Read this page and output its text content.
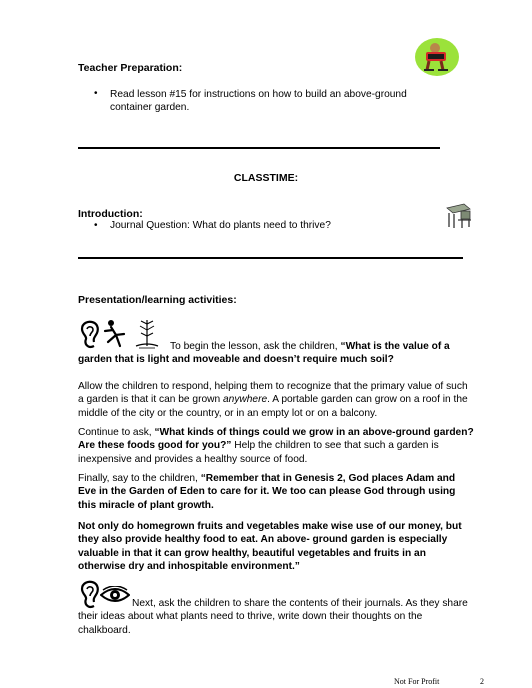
Teacher Preparation:
• Read lesson #15 for instructions on how to build an above-ground
container garden.
CLASSTIME:
Introduction:
• Journal Question: What do plants need to thrive?
Presentation/learning activities:
To begin the lesson, ask the children, “What is the value of a
garden that is light and moveable and doesn’t require much soil?
Allow the children to respond, helping them to recognize that the primary value of such
a garden is that it can be grown anywhere. A portable garden can grow on a roof in the
middle of the city or the country, or in an empty lot or on a balcony.
Continue to ask, “What kinds of things could we grow in an above-ground garden?
Are these foods good for you?” Help the children to see that such a garden is
inexpensive and provides a healthy source of food.
Finally, say to the children, “Remember that in Genesis 2, God places Adam and
Eve in the Garden of Eden to care for it. We too can please God through using
this miracle of plant growth.
Not only do homegrown fruits and vegetables make wise use of our money, but
they also provide healthy food to eat. An above- ground garden is especially
valuable in that it can grow healthy, beautiful vegetables and fruits in an
otherwise dry and inhospitable environment.”
Next, ask the children to share the contents of their journals. As they share
their ideas about what plants need to thrive, write down their thoughts on the
chalkboard.
Not For Profit	2
